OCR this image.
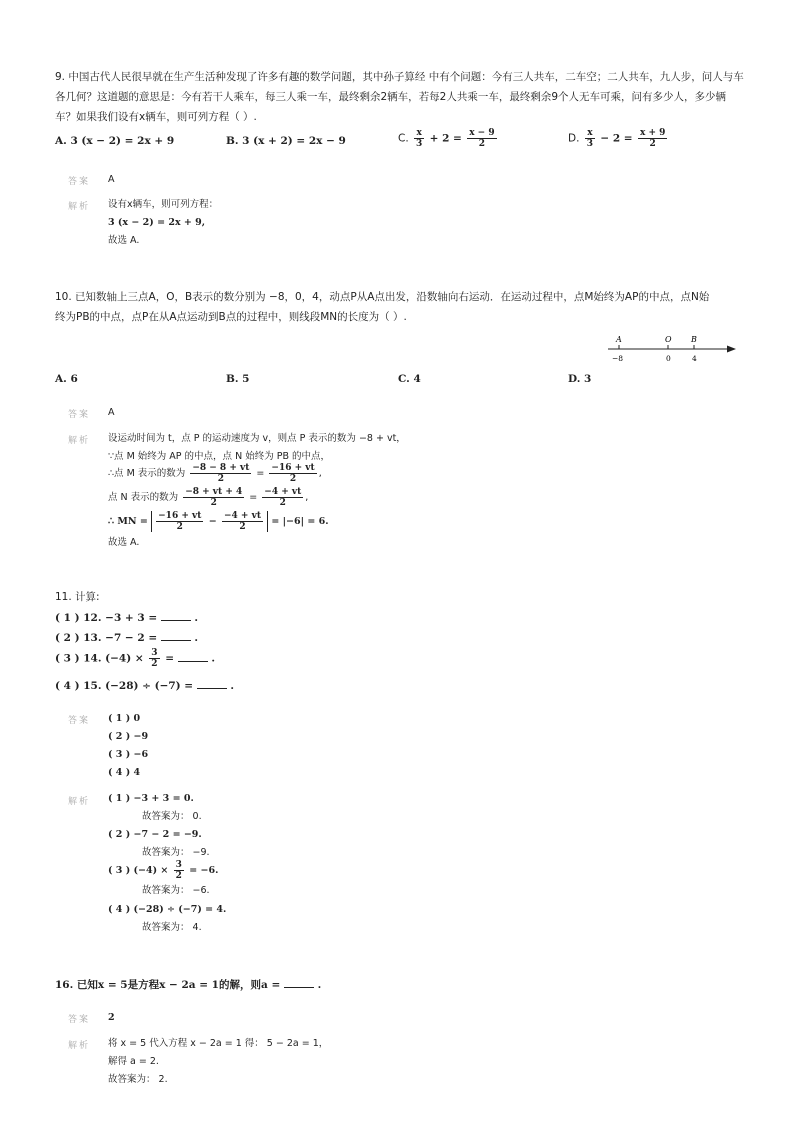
9. 中国古代人民很早就在生产生活种发现了许多有趣的数学问题，其中孙子算经 中有个问题：今有三人共车，二车空；二人共车，九人步，问人与车
各几何？这道题的意思是：今有若干人乘车，每三人乘一车，最终剩余2辆车，若每2人共乘一车，最终剩余9个人无车可乘，问有多少人，多少辆
车？如果我们设有x辆车，则可列方程（ ）.
A. 3 (x − 2) = 2x + 9	B. 3 (x + 2) = 2x − 9	C. $\frac{x}{3} + 2 = \frac{x - 9}{2}$	D. $\frac{x}{3} - 2 = \frac{x + 9}{2}$
答案 A
解析 设有x辆车，则可列方程：
3 (x − 2) = 2x + 9,
故选 A.
10. 已知数轴上三点A，O，B表示的数分别为 −8，0，4，动点P从A点出发，沿数轴向右运动．在运动过程中，点M始终为AP的中点，点N始
终为PB的中点，点P在从A点运动到B点的过程中，则线段MN的长度为（ ）.
A	O B
−8	0	4
A. 6	B. 5	C. 4	D. 3
答案 A
解析 设运动时间为 t，点 P 的运动速度为 v，则点 P 表示的数为 −8 + vt，
∵点 M 始终为 AP 的中点，点 N 始终为 PB 的中点，
∴点 M 表示的数为 $\frac{-8 - 8 + vt}{2} = \frac{-16 + vt}{2}$ ,
点 N 表示的数为 $\frac{-8 + vt + 4}{2} = \frac{-4 + vt}{2}$ ,
∴ MN = $\frac{-16 + vt}{2} - \frac{-4 + vt}{2} = |-6| = 6$.
故选 A.
11. 计算:
( 1 ) 12. −3 + 3 =	.
( 2 ) 13. −7 − 2 =	.
( 3 ) 14. $(-4) \times \frac{3}{2}$ =	.
( 4 ) 15. (−28) ÷ (−7) =	.
答案 ( 1 ) 0
( 2 ) −9
( 3 ) −6
( 4 ) 4
解析 ( 1 ) −3 + 3 = 0.
故答案为： 0.
( 2 ) −7 − 2 = −9.
故答案为： −9.
( 3 ) $(-4) \times \frac{3}{2} = -6$.
故答案为： −6.
( 4 ) (−28) ÷ (−7) = 4.
故答案为： 4.
16. 已知x = 5是方程x − 2a = 1的解，则a =	.
答案 2
解析 将 x = 5 代入方程 x − 2a = 1 得： 5 − 2a = 1，
解得 a = 2.
故答案为： 2.
